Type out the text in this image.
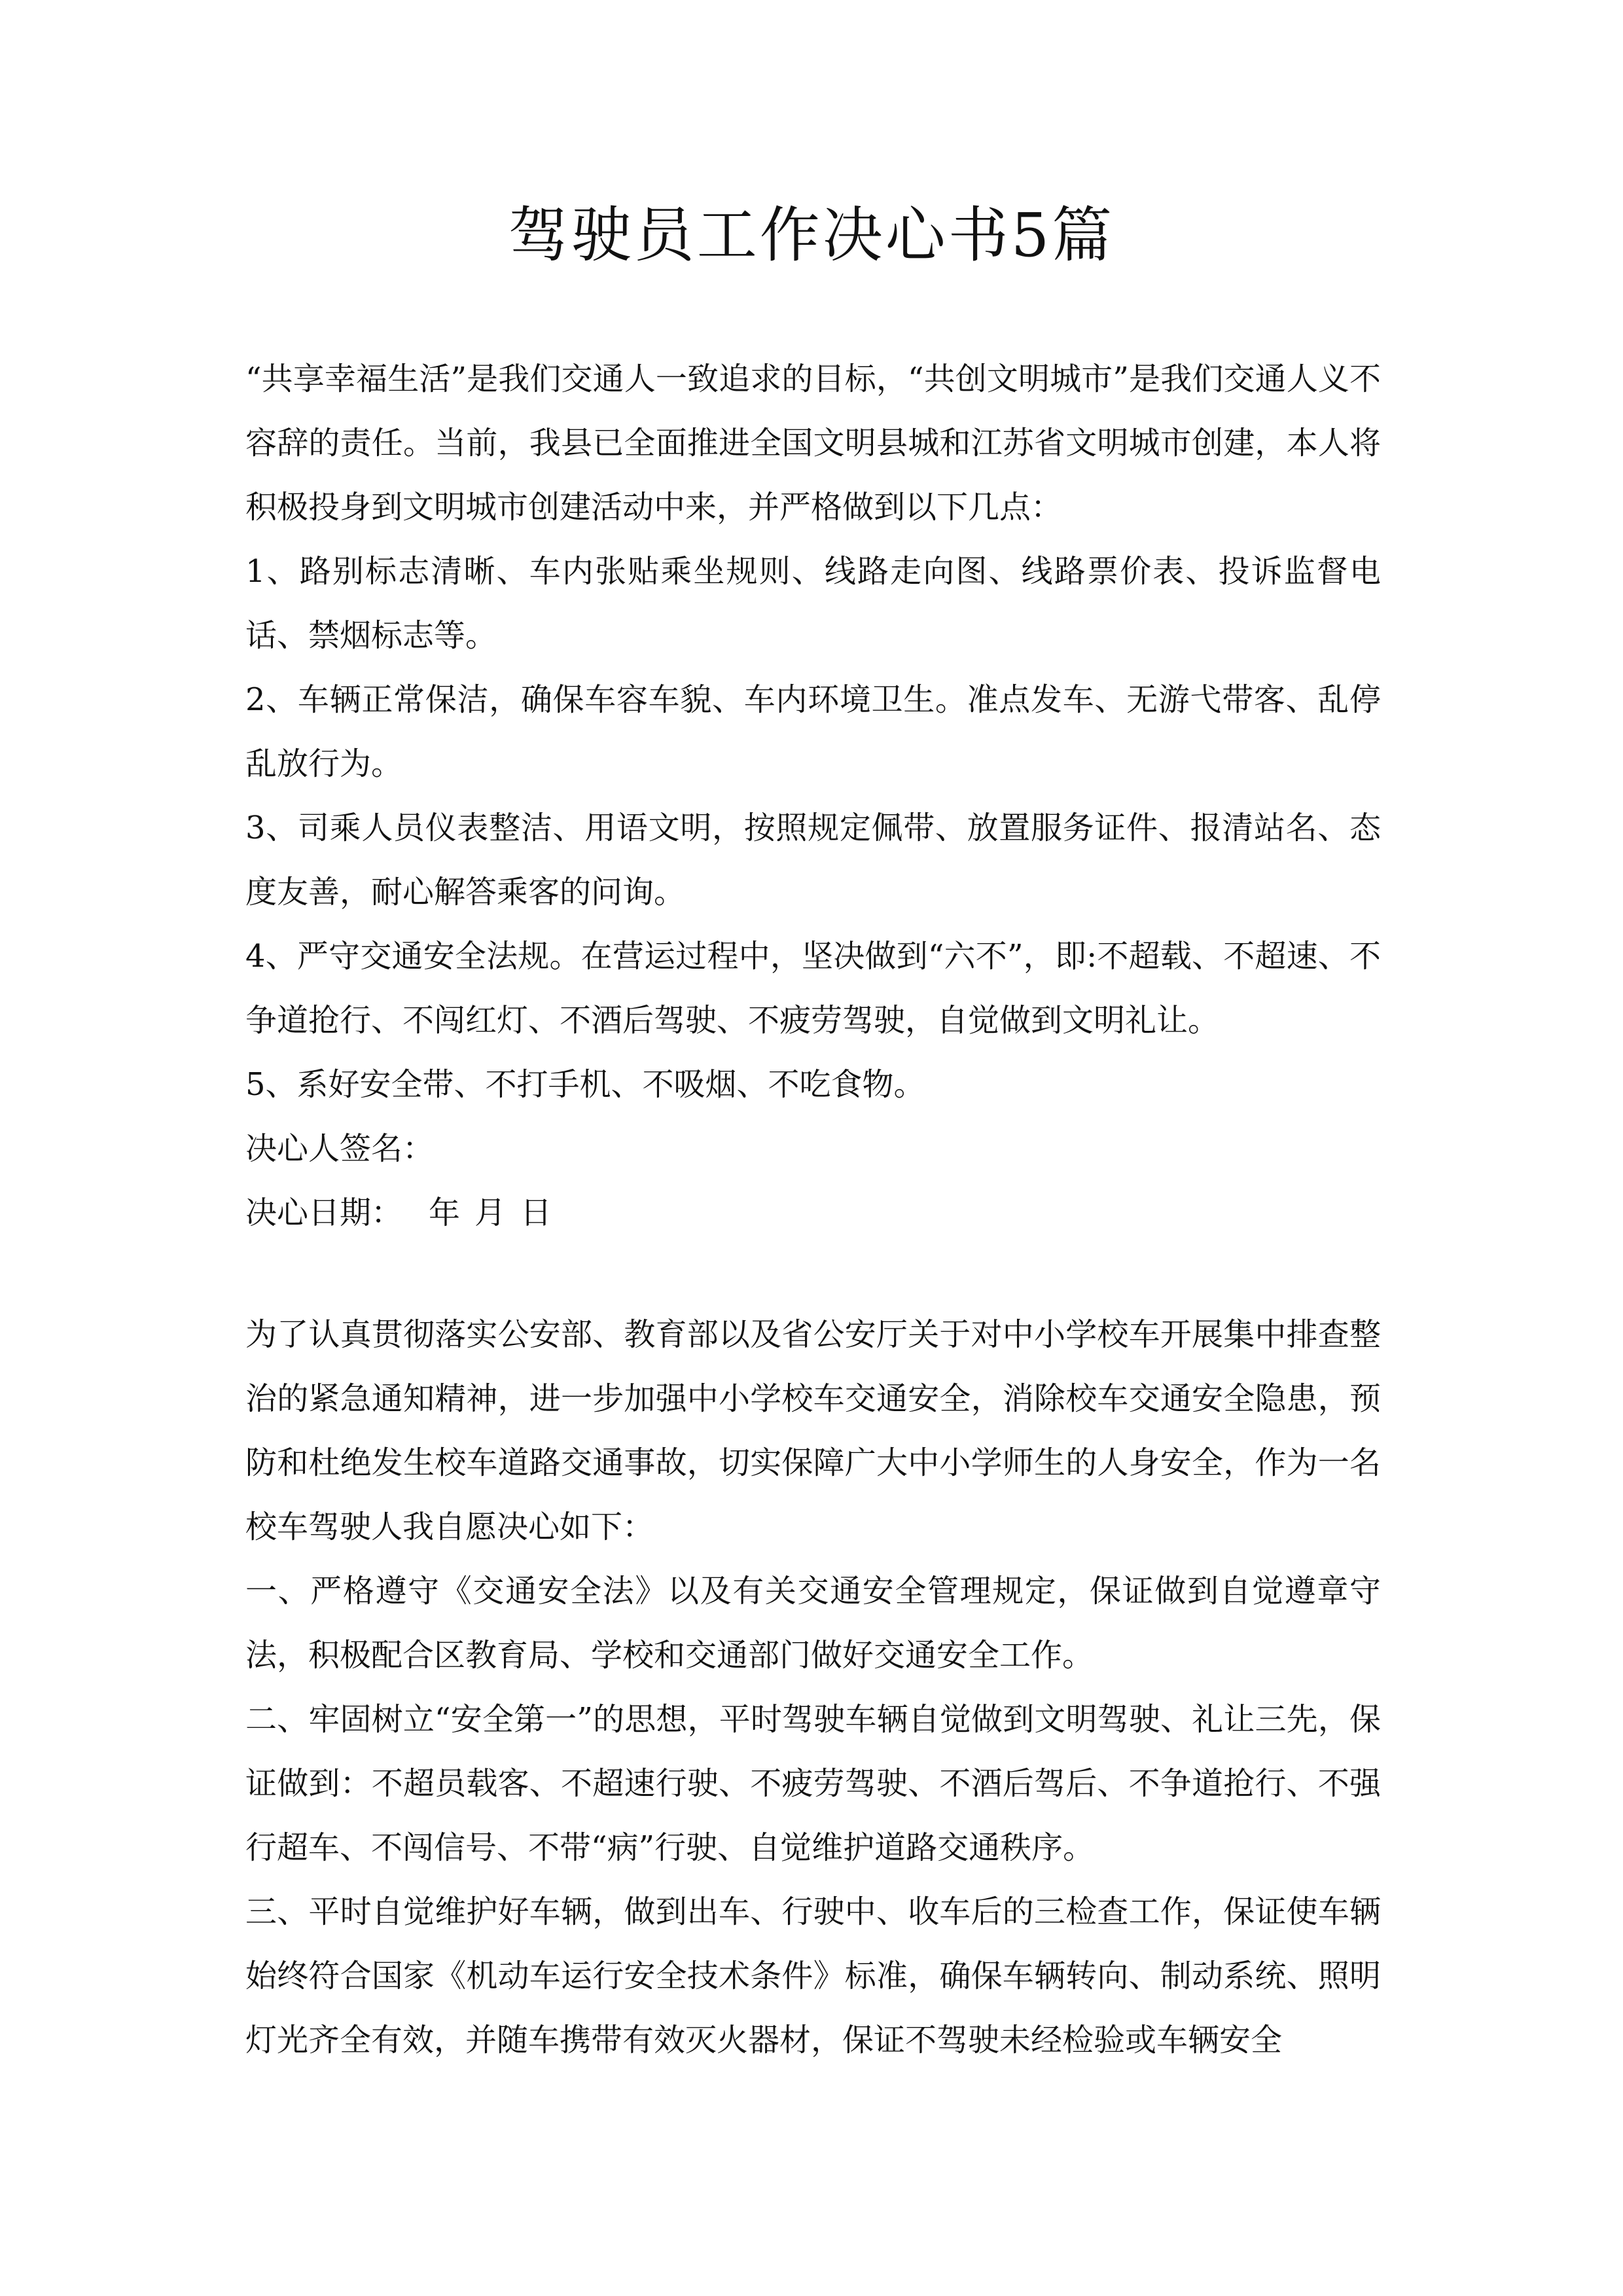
驾驶员工作决心书5篇

“共享幸福生活”是我们交通人一致追求的目标，“共创文明城市”是我们交通人义不容辞的责任。当前，我县已全面推进全国文明县城和江苏省文明城市创建，本人将积极投身到文明城市创建活动中来，并严格做到以下几点：

1、路别标志清晰、车内张贴乘坐规则、线路走向图、线路票价表、投诉监督电话、禁烟标志等。

2、车辆正常保洁，确保车容车貌、车内环境卫生。准点发车、无游弋带客、乱停乱放行为。

3、司乘人员仪表整洁、用语文明，按照规定佩带、放置服务证件、报清站名、态度友善，耐心解答乘客的问询。

4、严守交通安全法规。在营运过程中，坚决做到“六不”，即:不超载、不超速、不争道抢行、不闯红灯、不酒后驾驶、不疲劳驾驶，自觉做到文明礼让。

5、系好安全带、不打手机、不吸烟、不吃食物。

决心人签名：

决心日期： 年 月 日

为了认真贯彻落实公安部、教育部以及省公安厅关于对中小学校车开展集中排查整治的紧急通知精神，进一步加强中小学校车交通安全，消除校车交通安全隐患，预防和杜绝发生校车道路交通事故，切实保障广大中小学师生的人身安全，作为一名校车驾驶人我自愿决心如下：

一、严格遵守《交通安全法》以及有关交通安全管理规定，保证做到自觉遵章守法，积极配合区教育局、学校和交通部门做好交通安全工作。

二、牢固树立“安全第一”的思想，平时驾驶车辆自觉做到文明驾驶、礼让三先，保证做到：不超员载客、不超速行驶、不疲劳驾驶、不酒后驾后、不争道抢行、不强行超车、不闯信号、不带“病”行驶、自觉维护道路交通秩序。

三、平时自觉维护好车辆，做到出车、行驶中、收车后的三检查工作，保证使车辆始终符合国家《机动车运行安全技术条件》标准，确保车辆转向、制动系统、照明灯光齐全有效，并随车携带有效灭火器材，保证不驾驶未经检验或车辆安全
